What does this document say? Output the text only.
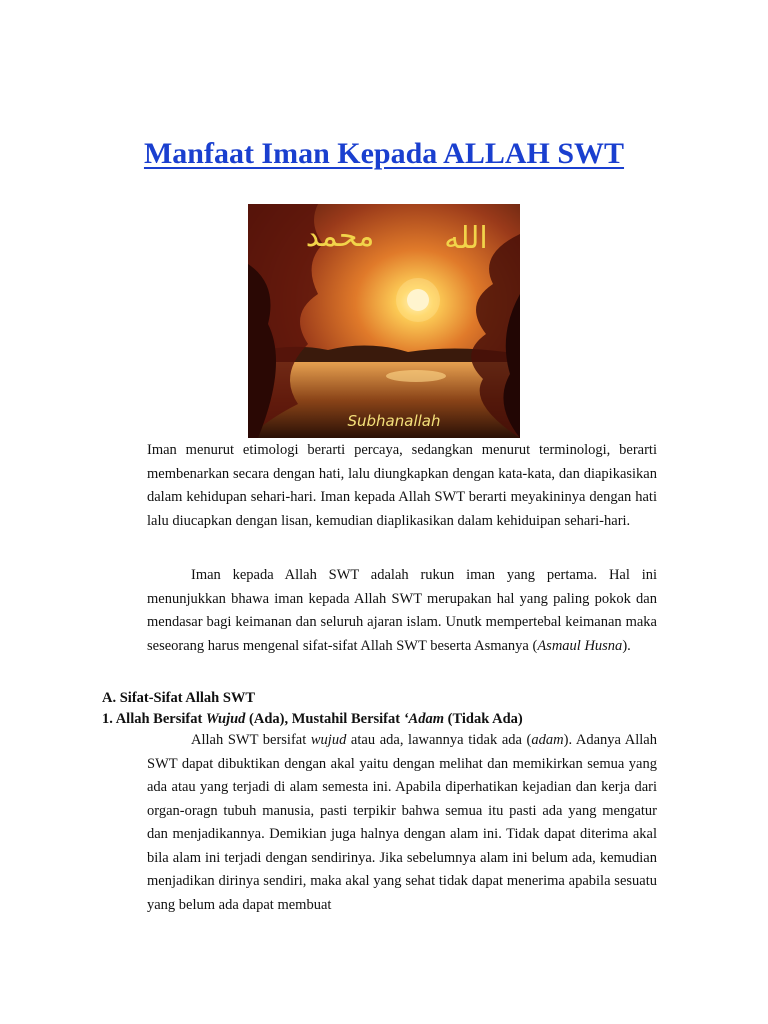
Manfaat Iman Kepada ALLAH SWT
محمد الله
Subhanallah

Iman menurut etimologi berarti percaya, sedangkan menurut terminologi, berarti membenarkan secara dengan hati, lalu diungkapkan dengan kata-kata, dan diapikasikan dalam kehidupan sehari-hari. Iman kepada Allah SWT berarti meyakininya dengan hati lalu diucapkan dengan lisan, kemudian diaplikasikan dalam kehiduipan sehari-hari.

Iman kepada Allah SWT adalah rukun iman yang pertama. Hal ini menunjukkan bhawa iman kepada Allah SWT merupakan hal yang paling pokok dan mendasar bagi keimanan dan seluruh ajaran islam. Unutk mempertebal keimanan maka seseorang harus mengenal sifat-sifat Allah SWT beserta Asmanya (Asmaul Husna).

A. Sifat-Sifat Allah SWT

1. Allah Bersifat Wujud (Ada), Mustahil Bersifat ‘Adam (Tidak Ada)

Allah SWT bersifat wujud atau ada, lawannya tidak ada (adam). Adanya Allah SWT dapat dibuktikan dengan akal yaitu dengan melihat dan memikirkan semua yang ada atau yang terjadi di alam semesta ini. Apabila diperhatikan kejadian dan kerja dari organ-oragn tubuh manusia, pasti terpikir bahwa semua itu pasti ada yang mengatur dan menjadikannya. Demikian juga halnya dengan alam ini. Tidak dapat diterima akal bila alam ini terjadi dengan sendirinya. Jika sebelumnya alam ini belum ada, kemudian menjadikan dirinya sendiri, maka akal yang sehat tidak dapat menerima apabila sesuatu yang belum ada dapat membuat
